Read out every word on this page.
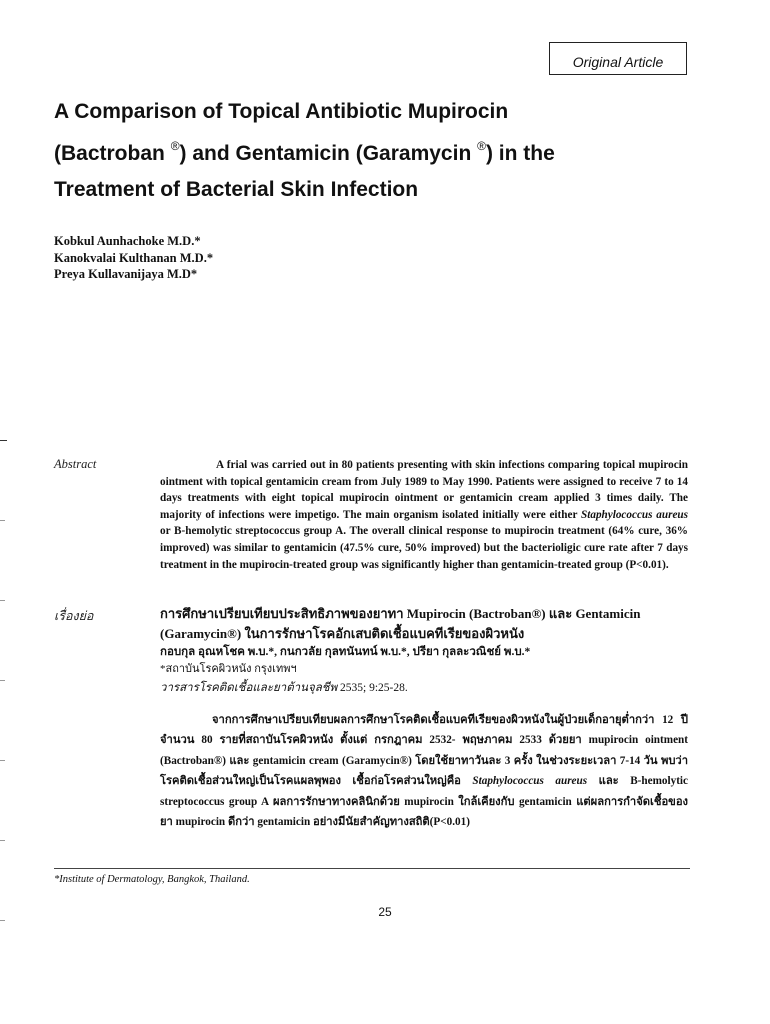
Original Article
A Comparison of Topical Antibiotic Mupirocin
(Bactroban ®) and Gentamicin (Garamycin ®) in the
Treatment of Bacterial Skin Infection
Kobkul Aunhachoke M.D.*
Kanokvalai Kulthanan M.D.*
Preya Kullavanijaya M.D*
Abstract	A frial was carried out in 80 patients presenting with skin infections comparing topical mupirocin ointment with topical gentamicin cream from July 1989 to May 1990. Patients were assigned to receive 7 to 14 days treatments with eight topical mupirocin ointment or gentamicin cream applied 3 times daily. The majority of infections were impetigo. The main organism isolated initially were either Staphylococcus aureus or B-hemolytic streptococcus group A. The overall clinical response to mupirocin treatment (64% cure, 36% improved) was similar to gentamicin (47.5% cure, 50% improved) but the bacterioligic cure rate after 7 days treatment in the mupirocin-treated group was significantly higher than gentamicin-treated group (P<0.01).

เรื่องย่อ	การศึกษาเปรียบเทียบประสิทธิภาพของยาทา Mupirocin (Bactroban®) และ Gentamicin (Garamycin®) ในการรักษาโรคอักเสบติดเชื้อแบคทีเรียของผิวหนัง

กอบกุล อุณหโชค พ.บ.*, กนกวลัย กุลทนันทน์ พ.บ.*, ปรียา กุลละวณิชย์ พ.บ.*
*สถาบันโรคผิวหนัง กรุงเทพฯ
วารสารโรคติดเชื้อและยาต้านจุลชีพ 2535; 9:25-28.

จากการศึกษาเปรียบเทียบผลการศึกษาโรคติดเชื้อแบคทีเรียของผิวหนังในผู้ป่วยเด็กอายุต่ำกว่า 12 ปี จำนวน 80 รายที่สถาบันโรคผิวหนัง ตั้งแต่ กรกฎาคม 2532- พฤษภาคม 2533 ด้วยยา mupirocin ointment (Bactroban®) และ gentamicin cream (Garamycin®) โดยใช้ยาทาวันละ 3 ครั้ง ในช่วงระยะเวลา 7-14 วัน พบว่าโรคติดเชื้อส่วนใหญ่เป็นโรคแผลพุพอง เชื้อก่อโรคส่วนใหญ่คือ Staphylococcus aureus และ B-hemolytic streptococcus group A ผลการรักษาทางคลินิกด้วย mupirocin ใกล้เคียงกับ gentamicin แต่ผลการกำจัดเชื้อของยา mupirocin ดีกว่า gentamicin อย่างมีนัยสำคัญทางสถิติ(P<0.01)

*Institute of Dermatology, Bangkok, Thailand.
25
